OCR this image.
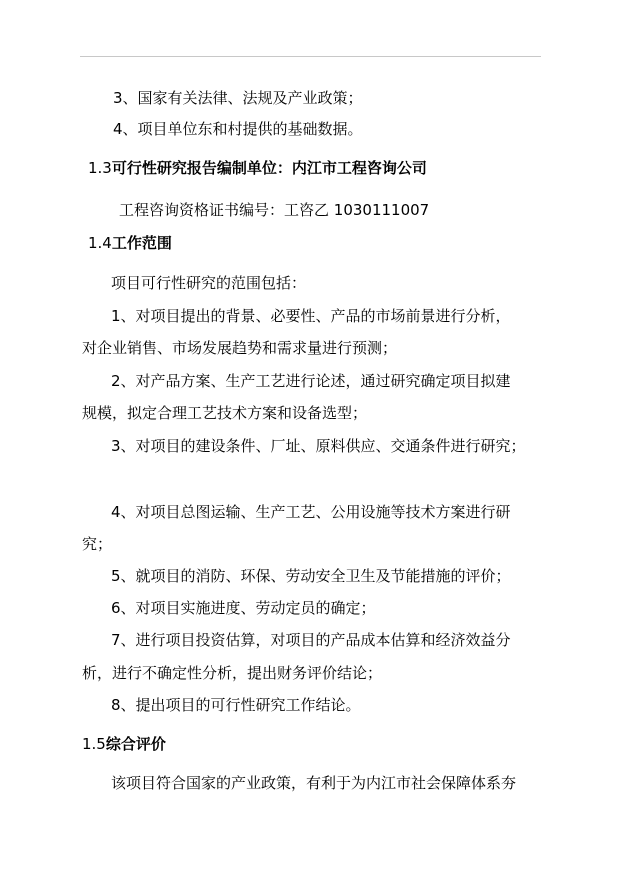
3、国家有关法律、法规及产业政策；
4、项目单位东和村提供的基础数据。
1.3可行性研究报告编制单位：内江市工程咨询公司
工程咨询资格证书编号：工咨乙 1030111007
1.4工作范围
项目可行性研究的范围包括：
1、对项目提出的背景、必要性、产品的市场前景进行分析，
对企业销售、市场发展趋势和需求量进行预测；
2、对产品方案、生产工艺进行论述，通过研究确定项目拟建
规模，拟定合理工艺技术方案和设备选型；
3、对项目的建设条件、厂址、原料供应、交通条件进行研究；
4、对项目总图运输、生产工艺、公用设施等技术方案进行研
究；
5、就项目的消防、环保、劳动安全卫生及节能措施的评价；
6、对项目实施进度、劳动定员的确定；
7、进行项目投资估算，对项目的产品成本估算和经济效益分
析，进行不确定性分析，提出财务评价结论；
8、提出项目的可行性研究工作结论。
1.5综合评价
该项目符合国家的产业政策，有利于为内江市社会保障体系夯
